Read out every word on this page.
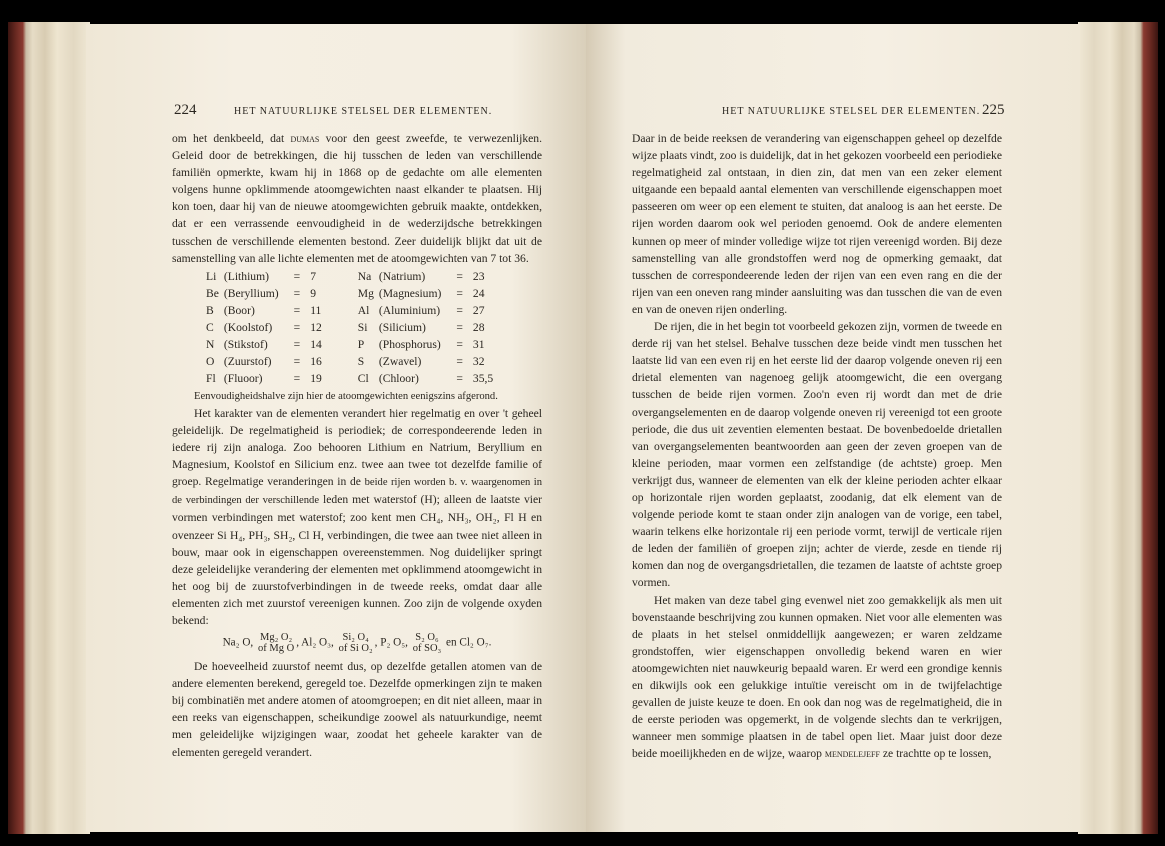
224	HET NATUURLIJKE STELSEL DER ELEMENTEN.

om het denkbeeld, dat dumas voor den geest zweefde, te verwezenlijken. Geleid door de betrekkingen, die hij tusschen de leden van verschillende familiën opmerkte, kwam hij in 1868 op de gedachte om alle elementen volgens hunne opklimmende atoomgewichten naast elkander te plaatsen. Hij kon toen, daar hij van de nieuwe atoomgewichten gebruik maakte, ontdekken, dat er een verrassende eenvoudigheid in de wederzijdsche betrekkingen tusschen de verschillende elementen bestond. Zeer duidelijk blijkt dat uit de samenstelling van alle lichte elementen met de atoomgewichten van 7 tot 36.

Li	(Lithium)	=	7	Na	(Natrium)	=	23
Be	(Beryllium)	=	9	Mg	(Magnesium)	=	24
B	(Boor)	=	11	Al	(Aluminium)	=	27
C	(Koolstof)	=	12	Si	(Silicium)	=	28
N	(Stikstof)	=	14	P	(Phosphorus)	=	31
O	(Zuurstof)	=	16	S	(Zwavel)	=	32
Fl	(Fluoor)	=	19	Cl	(Chloor)	=	35,5

Eenvoudigheidshalve zijn hier de atoomgewichten eenigszins afgerond.

Het karakter van de elementen verandert hier regelmatig en over 't geheel geleidelijk. De regelmatigheid is periodiek; de correspondeerende leden in iedere rij zijn analoga. Zoo behooren Lithium en Natrium, Beryllium en Magnesium, Koolstof en Silicium enz. twee aan twee tot dezelfde familie of groep. Regelmatige veranderingen in de beide rijen worden b. v. waargenomen in de verbindingen der verschillende leden met waterstof (H); alleen de laatste vier vormen verbindingen met waterstof; zoo kent men CH₄, NH₃, OH₂, Fl H en ovenzeer Si H₄, PH₃, SH₂, Cl H, verbindingen, die twee aan twee niet alleen in bouw, maar ook in eigenschappen overeenstemmen. Nog duidelijker springt deze geleidelijke verandering der elementen met opklimmend atoomgewicht in het oog bij de zuurstofverbindingen in de tweede reeks, omdat daar alle elementen zich met zuurstof vereenigen kunnen. Zoo zijn de volgende oxyden bekend:

Na₂ O, Mg₂ O₂
of Mg O , Al₂ O₃, Si₂ O₄
of Si O₂ , P₂ O₅, S₂ O₆
of SO₃ en Cl₂ O₇.

De hoeveelheid zuurstof neemt dus, op dezelfde getallen atomen van de andere elementen berekend, geregeld toe. Dezelfde opmerkingen zijn te maken bij combinatiën met andere atomen of atoomgroepen; en dit niet alleen, maar in een reeks van eigenschappen, scheikundige zoowel als natuurkundige, neemt men geleidelijke wijzigingen waar, zoodat het geheele karakter van de elementen geregeld verandert.

HET NATUURLIJKE STELSEL DER ELEMENTEN. 225

Daar in de beide reeksen de verandering van eigenschappen geheel op dezelfde wijze plaats vindt, zoo is duidelijk, dat in het gekozen voorbeeld een periodieke regelmatigheid zal ontstaan, in dien zin, dat men van een zeker element uitgaande een bepaald aantal elementen van verschillende eigenschappen moet passeeren om weer op een element te stuiten, dat analoog is aan het eerste. De rijen worden daarom ook wel perioden genoemd. Ook de andere elementen kunnen op meer of minder volledige wijze tot rijen vereenigd worden. Bij deze samenstelling van alle grondstoffen werd nog de opmerking gemaakt, dat tusschen de correspondeerende leden der rijen van een even rang en die der rijen van een oneven rang minder aansluiting was dan tusschen die van de even en van de oneven rijen onderling.

De rijen, die in het begin tot voorbeeld gekozen zijn, vormen de tweede en derde rij van het stelsel. Behalve tusschen deze beide vindt men tusschen het laatste lid van een even rij en het eerste lid der daarop volgende oneven rij een drietal elementen van nagenoeg gelijk atoomgewicht, die een overgang tusschen de beide rijen vormen. Zoo'n even rij wordt dan met de drie overgangselementen en de daarop volgende oneven rij vereenigd tot een groote periode, die dus uit zeventien elementen bestaat. De bovenbedoelde drietallen van overgangselementen beantwoorden aan geen der zeven groepen van de kleine perioden, maar vormen een zelfstandige (de achtste) groep. Men verkrijgt dus, wanneer de elementen van elk der kleine perioden achter elkaar op horizontale rijen worden geplaatst, zoodanig, dat elk element van de volgende periode komt te staan onder zijn analogen van de vorige, een tabel, waarin telkens elke horizontale rij een periode vormt, terwijl de verticale rijen de leden der familiën of groepen zijn; achter de vierde, zesde en tiende rij komen dan nog de overgangsdrietallen, die tezamen de laatste of achtste groep vormen.

Het maken van deze tabel ging evenwel niet zoo gemakkelijk als men uit bovenstaande beschrijving zou kunnen opmaken. Niet voor alle elementen was de plaats in het stelsel onmiddellijk aangewezen; er waren zeldzame grondstoffen, wier eigenschappen onvolledig bekend waren en wier atoomgewichten niet nauwkeurig bepaald waren. Er werd een grondige kennis en dikwijls ook een gelukkige intuïtie vereischt om in de twijfelachtige gevallen de juiste keuze te doen. En ook dan nog was de regelmatigheid, die in de eerste perioden was opgemerkt, in de volgende slechts dan te verkrijgen, wanneer men sommige plaatsen in de tabel open liet. Maar juist door deze beide moeilijkheden en de wijze, waarop mendelejeff ze trachtte op te lossen,
